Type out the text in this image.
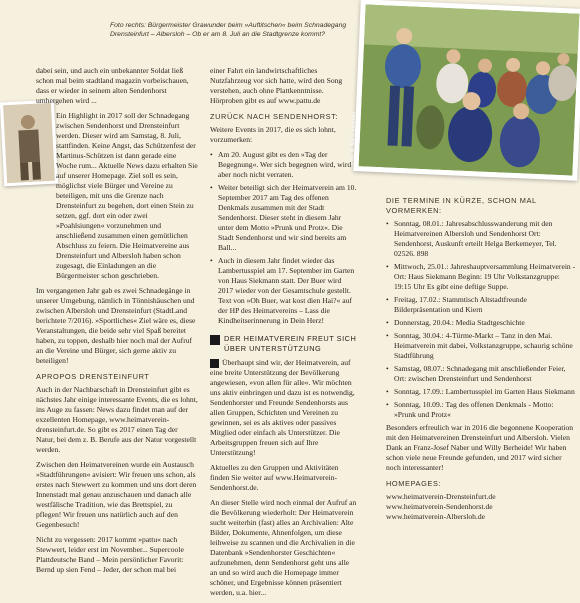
Foto rechts: Bürgermeister Grawunder beim »Auftitschen« beim Schnadegang Drensteinfurt – Albersloh – Ob er am 8. Juli an die Stadtgrenze kommt?
Foto: B. Maria Barleben

dabei sein, und auch ein unbekannter Soldat ließ schon mal beim stadtland magazin vorbeischauen, dass er wieder in seinem alten Sendenhorst umhergehen wird ...

Ein Highlight in 2017 soll der Schnadegang zwischen Sendenhorst und Drensteinfurt werden. Dieser wird am Samstag, 8. Juli, stattfinden. Keine Angst, das Schützenfest der Martinus-Schützen ist dann gerade eine Woche rum... Aktuelle News dazu erhalten Sie auf unserer Homepage. Ziel soll es sein, möglichst viele Bürger und Vereine zu beteiligen, mit uns die Grenze nach Drensteinfurt zu begehen, dort einen Stein zu setzen, ggf. dort ein oder zwei »Poahlsiungen« vorzunehmen und anschließend zusammen einen gemütlichen Abschluss zu feiern. Die Heimatvereine aus Drensteinfurt und Albersloh haben schon zugesagt, die Einladungen an die Bürgermeister schon geschrieben.

Im vergangenen Jahr gab es zwei Schnadegänge in unserer Umgebung, nämlich in Tönnishäuschen und zwischen Albersloh und Drensteinfurt (StadtLand berichtete 7/2016). »Sportliches« Ziel wäre es, diese Veranstaltungen, die beide sehr viel Spaß bereitet haben, zu toppen, deshalb hier noch mal der Aufruf an die Vereine und Bürger, sich gerne aktiv zu beteiligen!

APROPOS DRENSTEINFURT

Auch in der Nachbarschaft in Drensteinfurt gibt es nächstes Jahr einige interessante Events, die es lohnt, ins Auge zu fassen: News dazu findet man auf der exzellenten Homepage, www.heimatverein-drensteinfurt.de. So gibt es 2017 einen Tag der Natur, bei dem z. B. Berufe aus der Natur vorgestellt werden.

Zwischen den Heimatvereinen wurde ein Austausch »Stadtführungen« avisiert: Wir freuen uns schon, als erstes nach Stewwert zu kommen und uns dort deren Innenstadt mal genau anzuschauen und danach alle westfälische Tradition, wie das Brettspiel, zu pflegen! Wir freuen uns natürlich auch auf den Gegenbesuch!

Nicht zu vergessen: 2017 kommt »pattu« nach Stewwert, leider erst im November... Supercoole Plattdeutsche Band – Mein persönlicher Favorit: Bernd up sien Fend – Jeder, der schon mal bei

einer Fahrt ein landwirtschaftliches Nutzfahrzeug vor sich hatte, wird den Song verstehen, auch ohne Plattkenntnisse. Hörproben gibt es auf www.pattu.de

ZURÜCK NACH SENDENHORST:

Weitere Events in 2017, die es sich lohnt, vorzumerken:

• Am 20. August gibt es den »Tag der Begegnung«. Wer sich begegnen wird, wird aber noch nicht verraten.
• Weiter beteiligt sich der Heimatverein am 10. September 2017 am Tag des offenen Denkmals zusammen mit der Stadt Sendenhorst. Dieser steht in diesem Jahr unter dem Motto »Prunk und Protz«. Die Stadt Sendenhorst und wir sind bereits am Ball...
• Auch in diesem Jahr findet wieder das Lambertusspiel am 17. September im Garten von Haus Siekmann statt. Der Buer wird 2017 wieder von der Gesamtschule gestellt. Text von »Oh Buer, wat kost dien Hai?« auf der HP des Heimatvereins – Lass die Kindheitserinnerung in Dein Herz!
DER HEIMATVEREIN FREUT SICH ÜBER UNTERSTÜTZUNG

Überhaupt sind wir, der Heimatverein, auf eine breite Unterstützung der Bevölkerung angewiesen, »von allen für alle«. Wir möchten uns aktiv einbringen und dazu ist es notwendig, Sendenhorster und Freunde Sendenhorsts aus allen Gruppen, Schichten und Vereinen zu gewinnen, sei es als aktives oder passives Mitglied oder einfach als Unterstützer. Die Arbeitsgruppen freuen sich auf Ihre Unterstützung!

Aktuelles zu den Gruppen und Aktivitäten finden Sie weiter auf www.Heimatverein-Sendenhorst.de.

An dieser Stelle wird noch einmal der Aufruf an die Bevölkerung wiederholt: Der Heimatverein sucht weiterhin (fast) alles an Archivalien: Alte Bilder, Dokumente, Ahnenfolgen, um diese leihweise zu scannen und die Archivalien in die Datenbank »Sendenhorster Geschichten« aufzunehmen, denn Sendenhorst geht uns alle an und so wird auch die Homepage immer schöner, und Ergebnisse können präsentiert werden, u.a. hier...

DIE TERMINE IN KÜRZE, SCHON MAL VORMERKEN:
• Sonntag, 08.01.: Jahresabschlusswanderung mit den Heimatvereinen Albersloh und Sendenhorst Ort: Sendenhorst, Auskunft erteilt Helga Berkemeyer, Tel. 02526. 898
• Mittwoch, 25.01.: Jahreshauptversammlung Heimatverein - Ort: Haus Siekmann Beginn: 19 Uhr Volkstanzgruppe: 19:15 Uhr Es gibt eine deftige Suppe.
• Freitag, 17.02.: Stammtisch Altstadtfreunde Bilderpräsentation und Kiern
• Donnerstag, 20.04.: Media Stadtgeschichte
• Sonntag, 30.04.: 4-Türme-Markt – Tanz in den Mai. Heimatverein mit dabei, Volkstanzgruppe, schaurig schöne Stadtführung
• Samstag, 08.07.: Schnadegang mit anschließender Feier, Ort: zwischen Drensteinfurt und Sendenhorst
• Sonntag, 17.09.: Lambertusspiel im Garten Haus Siekmann
• Sonntag, 10.09.: Tag des offenen Denkmals - Motto: »Prunk und Protz«

Besonders erfreulich war in 2016 die begonnene Kooperation mit den Heimatvereinen Drensteinfurt und Albersloh. Vielen Dank an Franz-Josef Naber und Willy Berheide! Wir haben schon viele neue Freunde gefunden, und 2017 wird sicher noch interessanter!

HOMEPAGES:
www.heimatverein-Drensteinfurt.de
www.heimatverein-Sendenhorst.de
www.heimatverein-Albersloh.de
